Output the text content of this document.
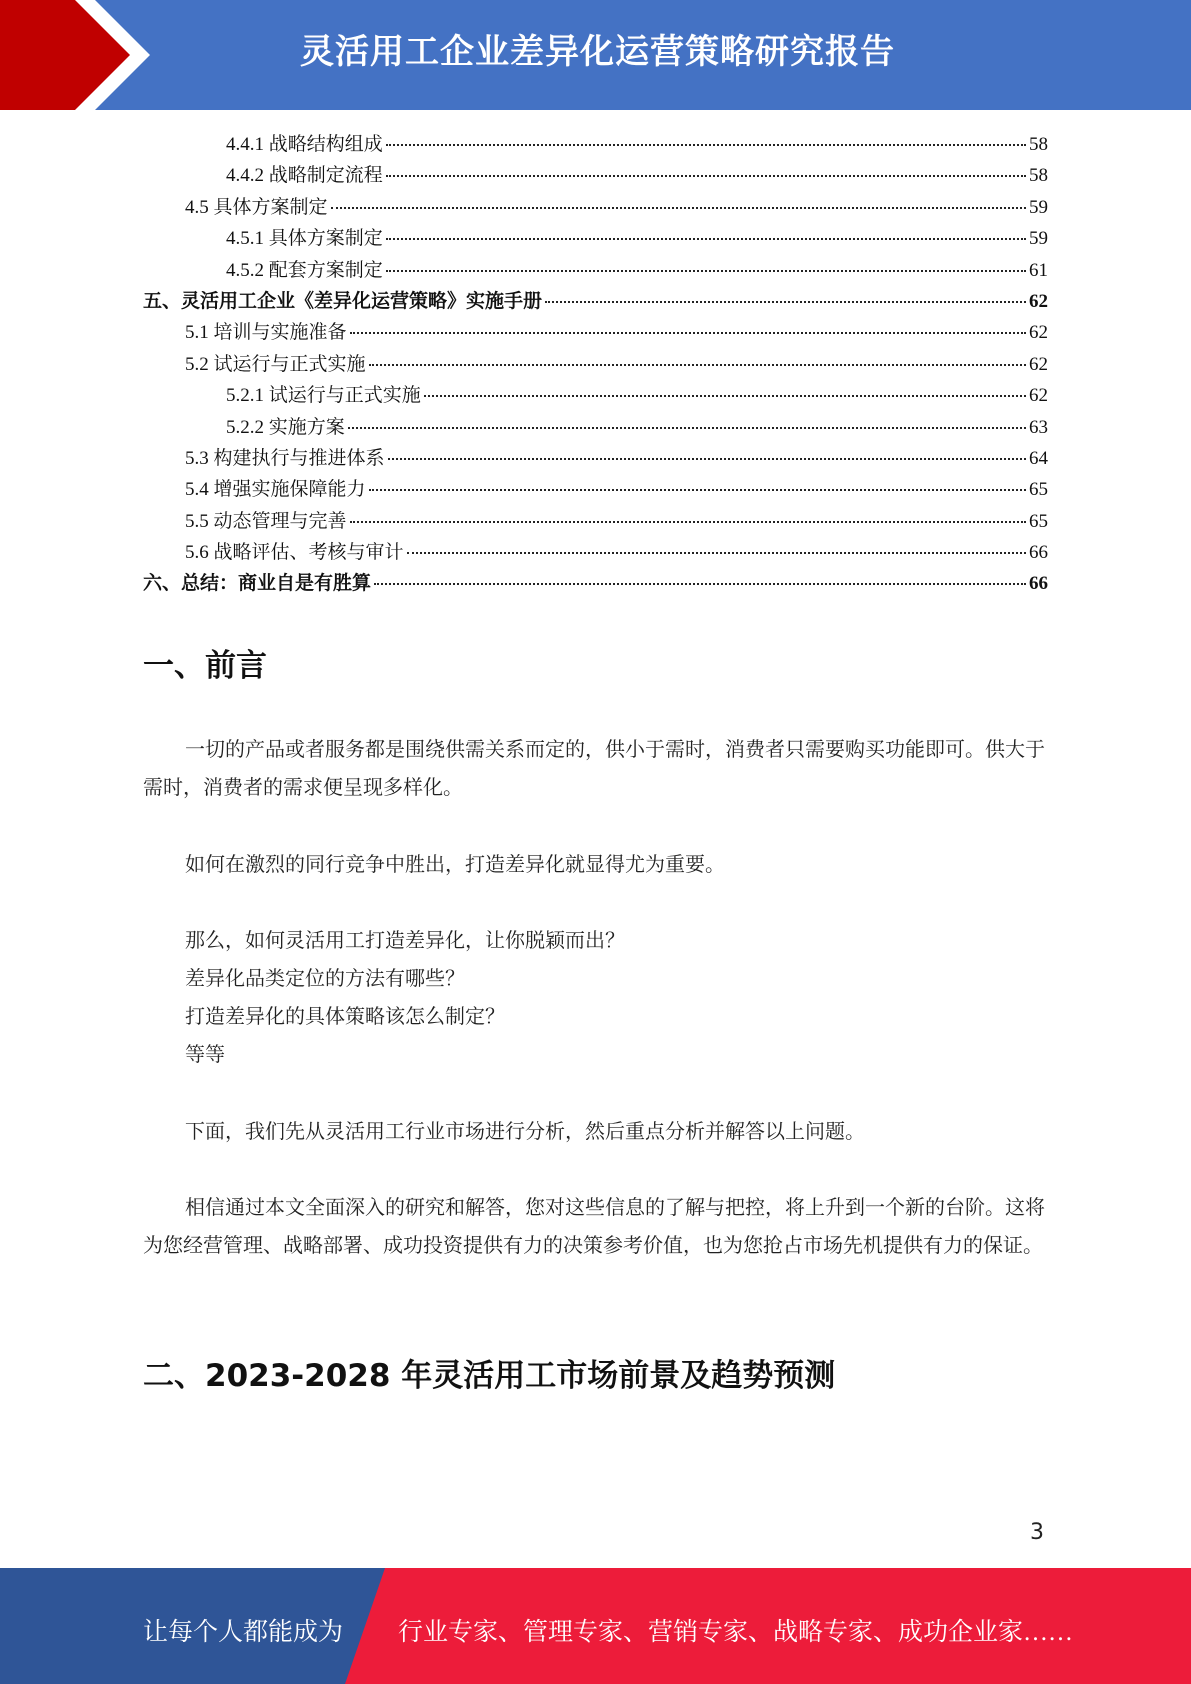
灵活用工企业差异化运营策略研究报告
4.4.1 战略结构组成	58
4.4.2 战略制定流程	58
4.5 具体方案制定	59
4.5.1 具体方案制定	59
4.5.2 配套方案制定	61
五、灵活用工企业《差异化运营策略》实施手册	62
5.1 培训与实施准备	62
5.2 试运行与正式实施	62
5.2.1 试运行与正式实施	62
5.2.2 实施方案	63
5.3 构建执行与推进体系	64
5.4 增强实施保障能力	65
5.5 动态管理与完善	65
5.6 战略评估、考核与审计	66
六、总结：商业自是有胜算	66
一、前言
一切的产品或者服务都是围绕供需关系而定的，供小于需时，消费者只需要购买功能即可。供大于需时，消费者的需求便呈现多样化。
如何在激烈的同行竞争中胜出，打造差异化就显得尤为重要。
那么，如何灵活用工打造差异化，让你脱颖而出？
差异化品类定位的方法有哪些？
打造差异化的具体策略该怎么制定？
等等
下面，我们先从灵活用工行业市场进行分析，然后重点分析并解答以上问题。
相信通过本文全面深入的研究和解答，您对这些信息的了解与把控，将上升到一个新的台阶。这将为您经营管理、战略部署、成功投资提供有力的决策参考价值，也为您抢占市场先机提供有力的保证。
二、2023-2028 年灵活用工市场前景及趋势预测
3
让每个人都能成为 行业专家、管理专家、营销专家、战略专家、成功企业家……
